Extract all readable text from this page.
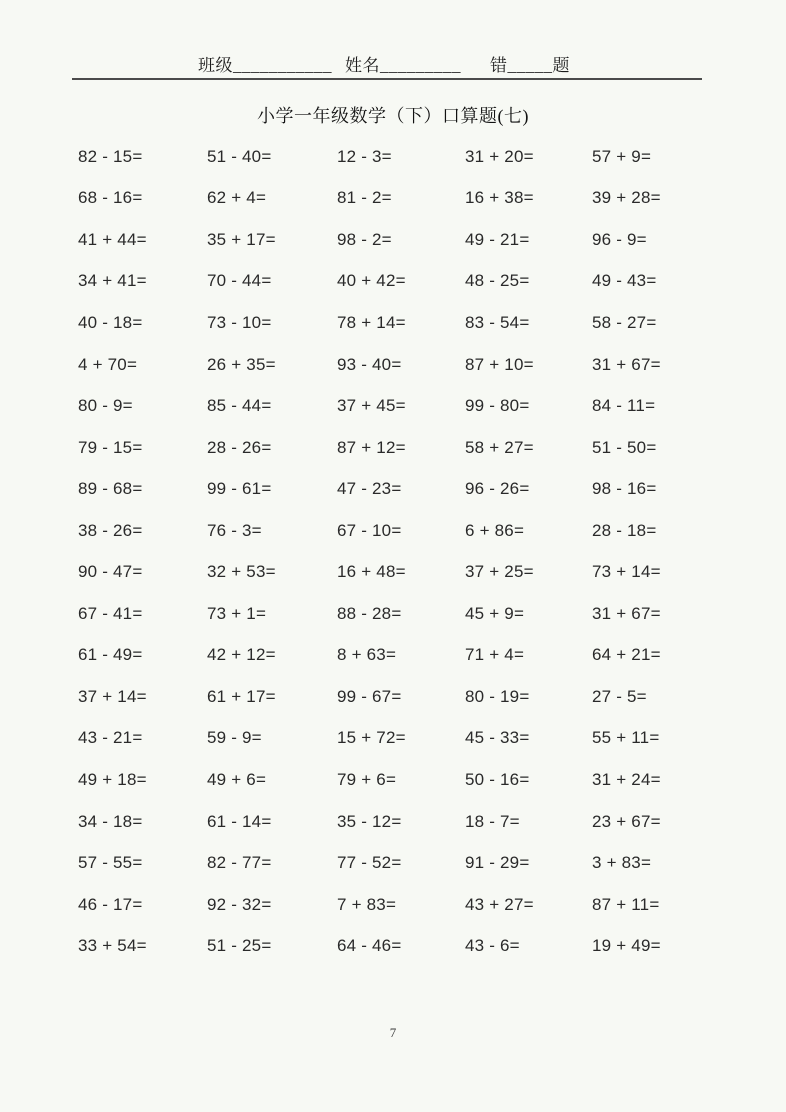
班级___________ 姓名_________ 错_____题
小学一年级数学（下）口算题(七)
82 - 15=	51 - 40=	12 - 3=	31 + 20=	57 + 9=
68 - 16=	62 + 4=	81 - 2=	16 + 38=	39 + 28=
41 + 44=	35 + 17=	98 - 2=	49 - 21=	96 - 9=
34 + 41=	70 - 44=	40 + 42=	48 - 25=	49 - 43=
40 - 18=	73 - 10=	78 + 14=	83 - 54=	58 - 27=
4 + 70=	26 + 35=	93 - 40=	87 + 10=	31 + 67=
80 - 9=	85 - 44=	37 + 45=	99 - 80=	84 - 11=
79 - 15=	28 - 26=	87 + 12=	58 + 27=	51 - 50=
89 - 68=	99 - 61=	47 - 23=	96 - 26=	98 - 16=
38 - 26=	76 - 3=	67 - 10=	6 + 86=	28 - 18=
90 - 47=	32 + 53=	16 + 48=	37 + 25=	73 + 14=
67 - 41=	73 + 1=	88 - 28=	45 + 9=	31 + 67=
61 - 49=	42 + 12=	8 + 63=	71 + 4=	64 + 21=
37 + 14=	61 + 17=	99 - 67=	80 - 19=	27 - 5=
43 - 21=	59 - 9=	15 + 72=	45 - 33=	55 + 11=
49 + 18=	49 + 6=	79 + 6=	50 - 16=	31 + 24=
34 - 18=	61 - 14=	35 - 12=	18 - 7=	23 + 67=
57 - 55=	82 - 77=	77 - 52=	91 - 29=	3 + 83=
46 - 17=	92 - 32=	7 + 83=	43 + 27=	87 + 11=
33 + 54=	51 - 25=	64 - 46=	43 - 6=	19 + 49=
7
